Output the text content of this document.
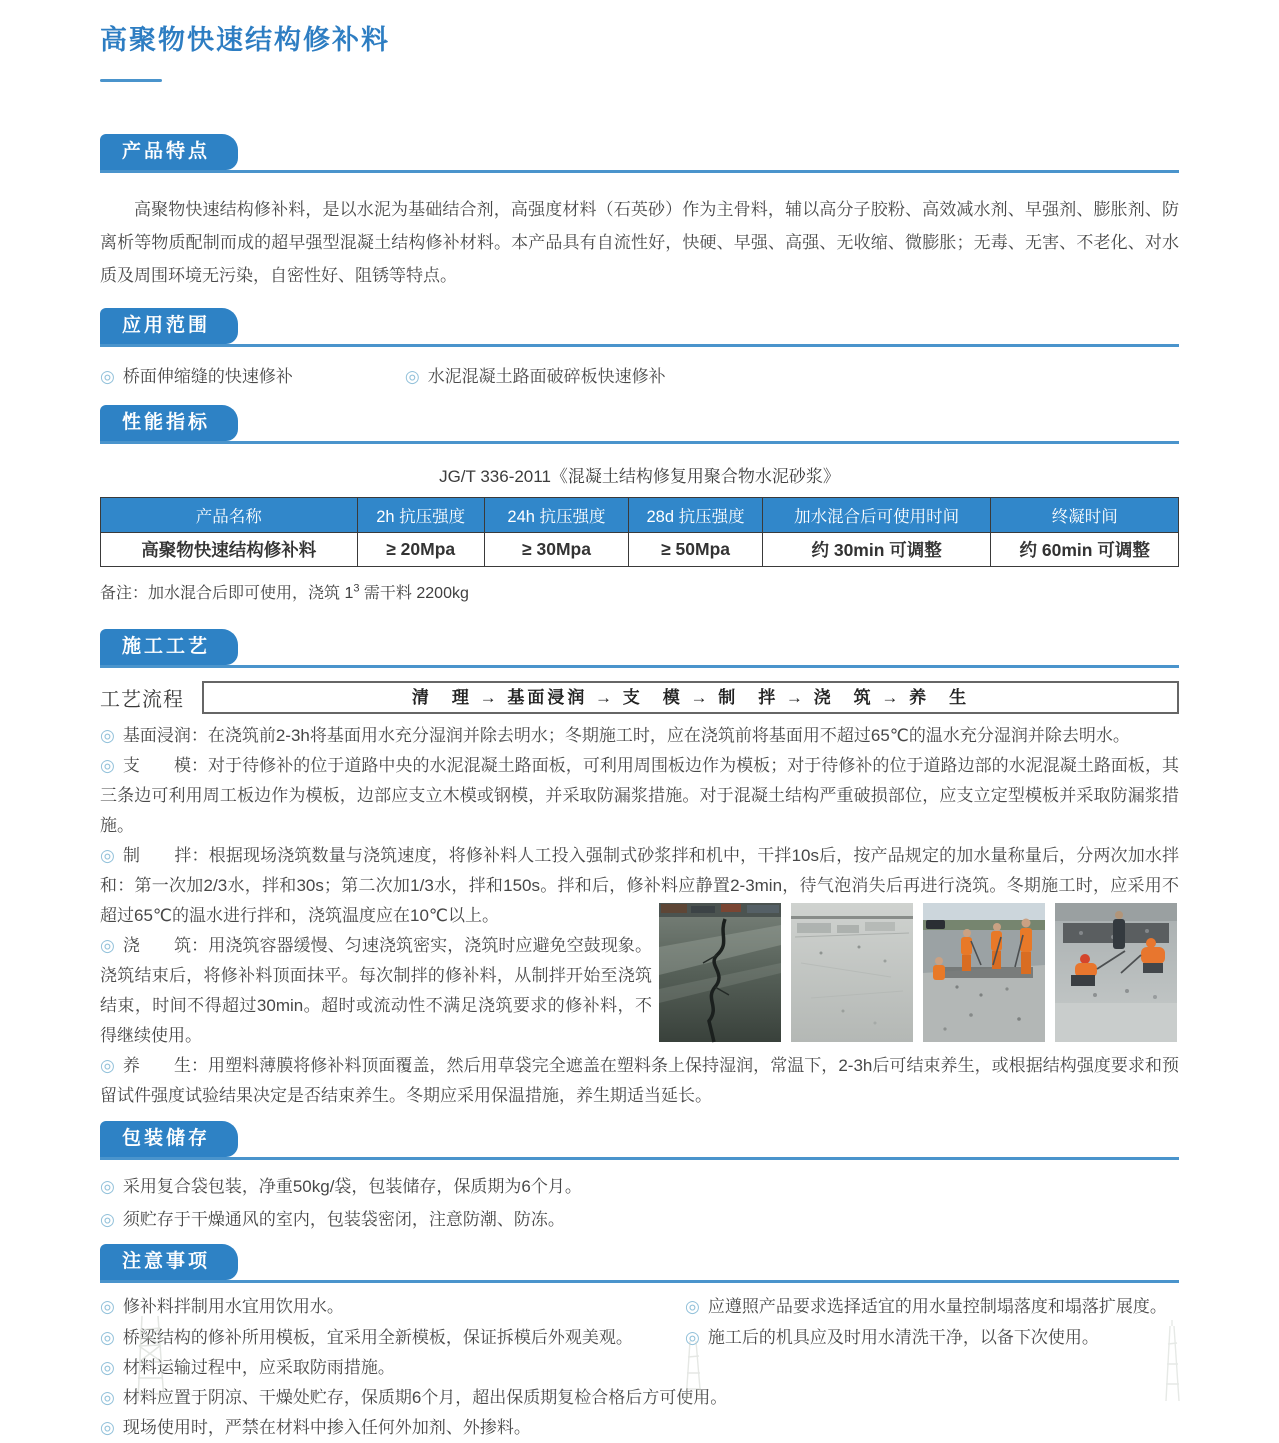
高聚物快速结构修补料
产品特点

高聚物快速结构修补料，是以水泥为基础结合剂，高强度材料（石英砂）作为主骨料，辅以高分子胶粉、高效减水剂、早强剂、膨胀剂、防离析等物质配制而成的超早强型混凝土结构修补材料。本产品具有自流性好，快硬、早强、高强、无收缩、微膨胀；无毒、无害、不老化、对水质及周围环境无污染，自密性好、阻锈等特点。

应用范围
◎ 桥面伸缩缝的快速修补	◎ 水泥混凝土路面破碎板快速修补
性能指标

JG/T 336-2011《混凝土结构修复用聚合物水泥砂浆》

产品名称	2h 抗压强度	24h 抗压强度	28d 抗压强度	加水混合后可使用时间	终凝时间
高聚物快速结构修补料	≥ 20Mpa	≥ 30Mpa	≥ 50Mpa	约 30min 可调整	约 60min 可调整

备注：加水混合后即可使用，浇筑 $1^3$ 需干料 2200kg

施工工艺
工艺流程	清　理 → 基面浸润 → 支　模 → 制　拌 → 浇　筑 → 养　生

◎ 基面浸润：在浇筑前2-3h将基面用水充分湿润并除去明水；冬期施工时，应在浇筑前将基面用不超过65℃的温水充分湿润并除去明水。

◎ 支　　模：对于待修补的位于道路中央的水泥混凝土路面板，可利用周围板边作为模板；对于待修补的位于道路边部的水泥混凝土路面板，其三条边可利用周工板边作为模板，边部应支立木模或钢模，并采取防漏浆措施。对于混凝土结构严重破损部位，应支立定型模板并采取防漏浆措施。

◎ 制　　拌：根据现场浇筑数量与浇筑速度，将修补料人工投入强制式砂浆拌和机中，干拌10s后，按产品规定的加水量称量后，分两次加水拌和：第一次加2/3水，拌和30s；第二次加1/3水，拌和150s。拌和后，修补料应静置2-3min，待气泡消失后再进行浇筑。冬期施工时，应采用不超过65℃的温水进行拌和，浇筑温度应在10℃以上。

◎ 浇　　筑：用浇筑容器缓慢、匀速浇筑密实，浇筑时应避免空鼓现象。浇筑结束后，将修补料顶面抹平。每次制拌的修补料，从制拌开始至浇筑结束，时间不得超过30min。超时或流动性不满足浇筑要求的修补料，不得继续使用。

◎ 养　　生：用塑料薄膜将修补料顶面覆盖，然后用草袋完全遮盖在塑料条上保持湿润，常温下，2-3h后可结束养生，或根据结构强度要求和预留试件强度试验结果决定是否结束养生。冬期应采用保温措施，养生期适当延长。

包装储存

◎ 采用复合袋包装，净重50kg/袋，包装储存，保质期为6个月。

◎ 须贮存于干燥通风的室内，包装袋密闭，注意防潮、防冻。

注意事项

◎ 修补料拌制用水宜用饮用水。	◎ 应遵照产品要求选择适宜的用水量控制塌落度和塌落扩展度。

◎ 桥梁结构的修补所用模板，宜采用全新模板，保证拆模后外观美观。	◎ 施工后的机具应及时用水清洗干净，以备下次使用。

◎ 材料运输过程中，应采取防雨措施。

◎ 材料应置于阴凉、干燥处贮存，保质期6个月，超出保质期复检合格后方可使用。

◎ 现场使用时，严禁在材料中掺入任何外加剂、外掺料。
